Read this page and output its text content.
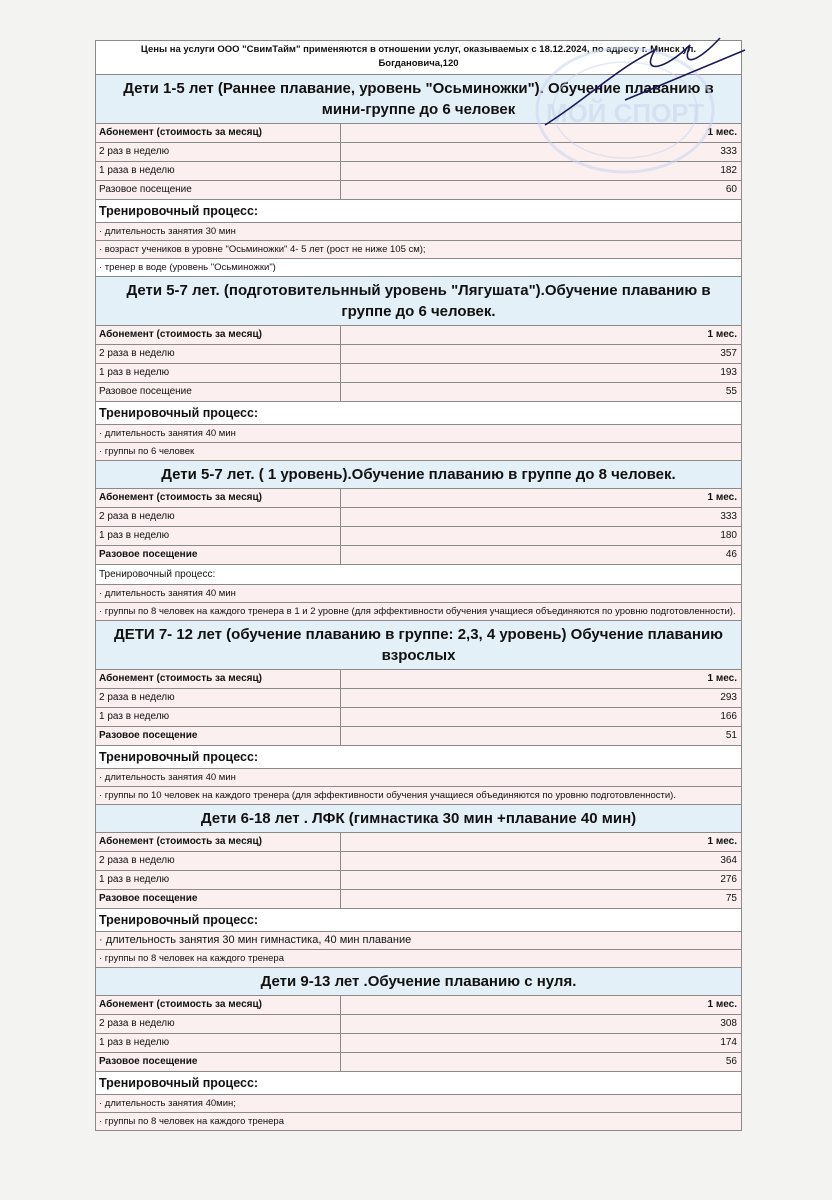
Цены на услуги ООО "СвимТайм" применяются в отношении услуг, оказываемых с 18.12.2024, по адресу г. Минск ул. Богдановича,120
Дети 1-5 лет (Раннее плавание, уровень "Осьминожки"). Обучение плаванию в мини-группе до 6 человек
Абонемент (стоимость за месяц)	1 мес.
2 раз в неделю	333
1 раза в неделю	182
Разовое посещение	60
Тренировочный процесс:
· длительность занятия 30 мин
· возраст учеников в уровне "Осьминожки" 4- 5 лет (рост не ниже 105 см);
· тренер в воде (уровень "Осьминожки")
Дети 5-7 лет. (подготовительнный уровень "Лягушата").Обучение плаванию в группе до 6 человек.
Абонемент (стоимость за месяц)	1 мес.
2 раза в неделю	357
1 раз в неделю	193
Разовое посещение	55
Тренировочный процесс:
· длительность занятия 40 мин
· группы по 6 человек
Дети 5-7 лет. ( 1 уровень).Обучение плаванию в группе до 8 человек.
Абонемент (стоимость за месяц)	1 мес.
2 раза в неделю	333
1 раз в неделю	180
Разовое посещение	46
Тренировочный процесс:
· длительность занятия 40 мин
· группы по 8 человек на каждого тренера в 1 и 2 уровне (для эффективности обучения учащиеся объединяются по уровню подготовленности).
ДЕТИ 7- 12 лет (обучение плаванию в группе: 2,3, 4 уровень) Обучение плаванию взрослых
Абонемент (стоимость за месяц)	1 мес.
2 раза в неделю	293
1 раз в неделю	166
Разовое посещение	51
Тренировочный процесс:
· длительность занятия 40 мин
· группы по 10 человек на каждого тренера (для эффективности обучения учащиеся объединяются по уровню подготовленности).
Дети 6-18 лет . ЛФК (гимнастика 30 мин +плавание 40 мин)
Абонемент (стоимость за месяц)	1 мес.
2 раза в неделю	364
1 раз в неделю	276
Разовое посещение	75
Тренировочный процесс:
· длительность занятия 30 мин гимнастика, 40 мин плавание
· группы по 8 человек на каждого тренера
Дети 9-13 лет .Обучение плаванию с нуля.
Абонемент (стоимость за месяц)	1 мес.
2 раза в неделю	308
1 раз в неделю	174
Разовое посещение	56
Тренировочный процесс:
· длительность занятия 40мин;
· группы по 8 человек на каждого тренера
МОЙ СПОРТ
